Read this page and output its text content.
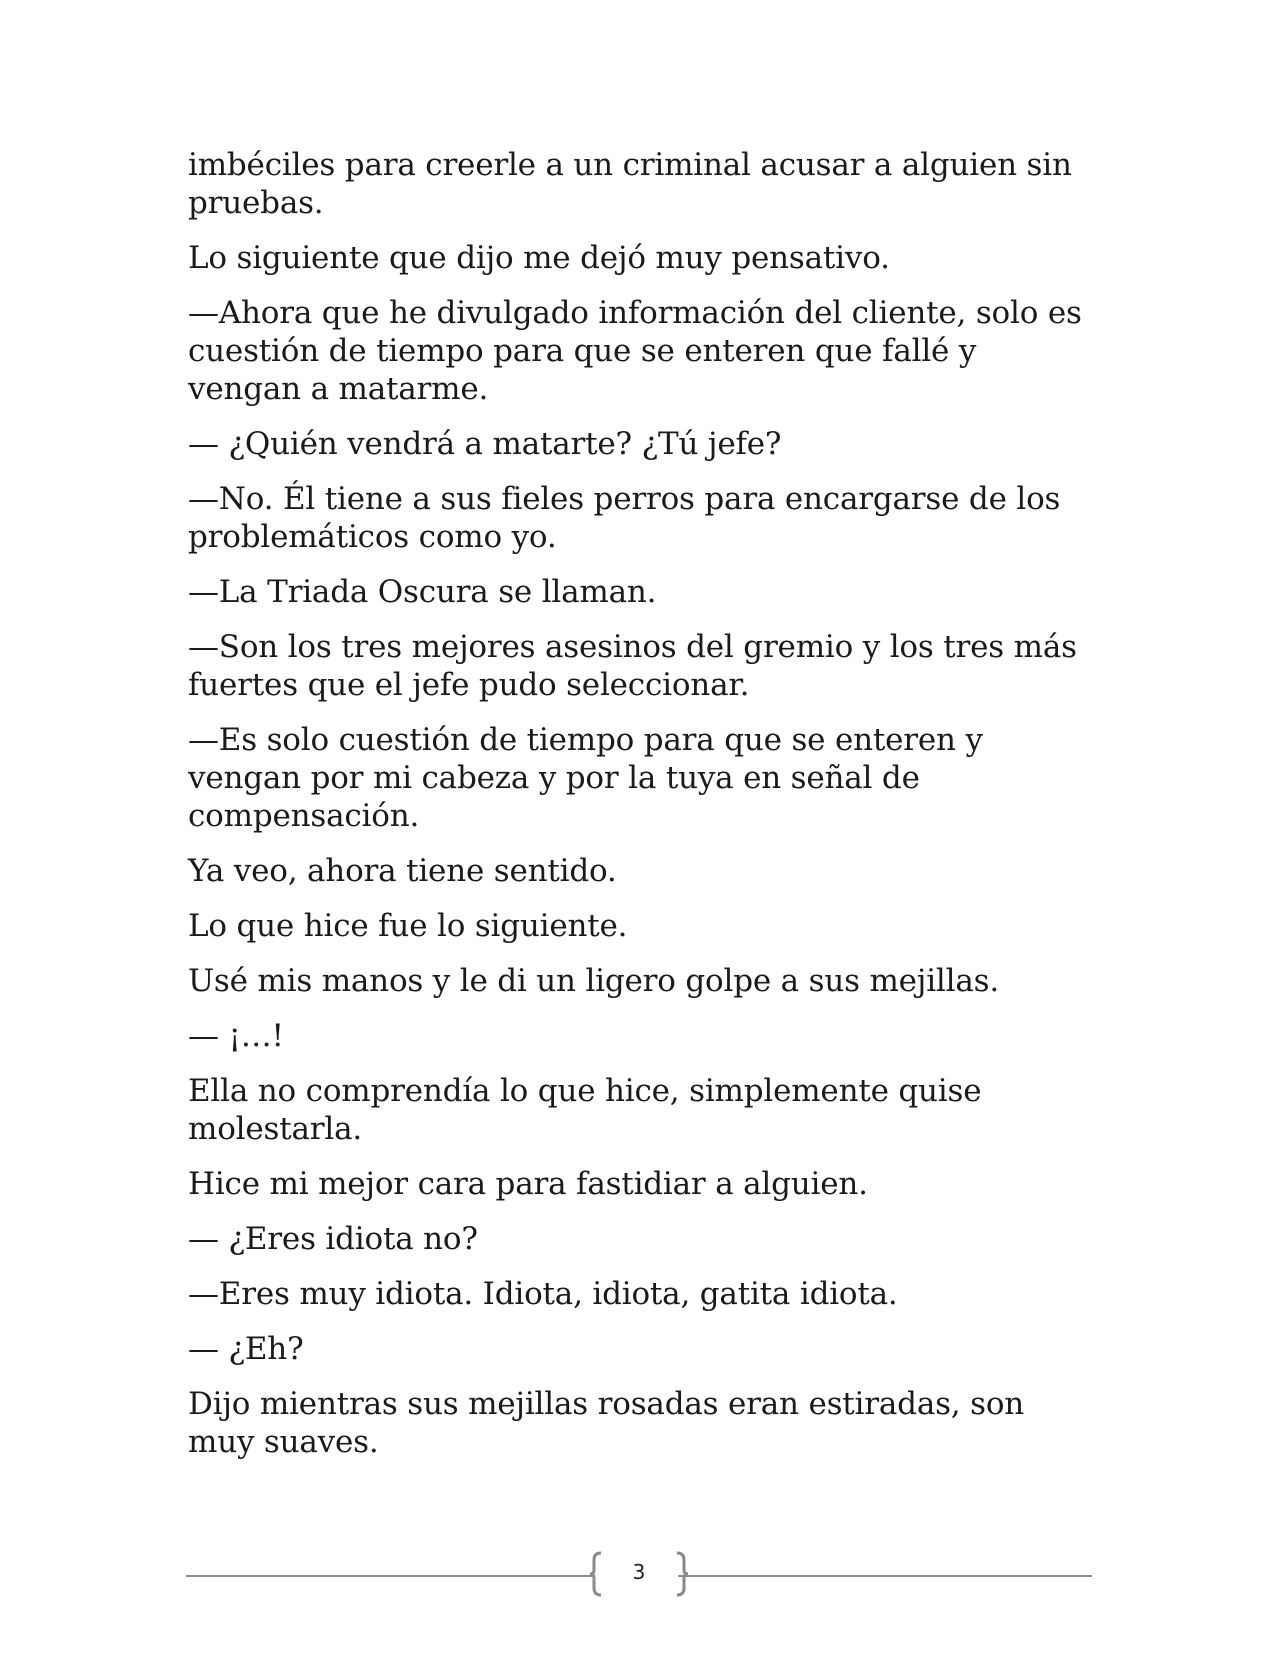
imbéciles para creerle a un criminal acusar a alguien sin pruebas.

Lo siguiente que dijo me dejó muy pensativo.

—Ahora que he divulgado información del cliente, solo es cuestión de tiempo para que se enteren que fallé y vengan a matarme.

— ¿Quién vendrá a matarte? ¿Tú jefe?

—No. Él tiene a sus fieles perros para encargarse de los problemáticos como yo.

—La Triada Oscura se llaman.

—Son los tres mejores asesinos del gremio y los tres más fuertes que el jefe pudo seleccionar.

—Es solo cuestión de tiempo para que se enteren y vengan por mi cabeza y por la tuya en señal de compensación.

Ya veo, ahora tiene sentido.

Lo que hice fue lo siguiente.

Usé mis manos y le di un ligero golpe a sus mejillas.

— ¡…!

Ella no comprendía lo que hice, simplemente quise molestarla.

Hice mi mejor cara para fastidiar a alguien.

— ¿Eres idiota no?

—Eres muy idiota. Idiota, idiota, gatita idiota.

— ¿Eh?

Dijo mientras sus mejillas rosadas eran estiradas, son muy suaves.

3
